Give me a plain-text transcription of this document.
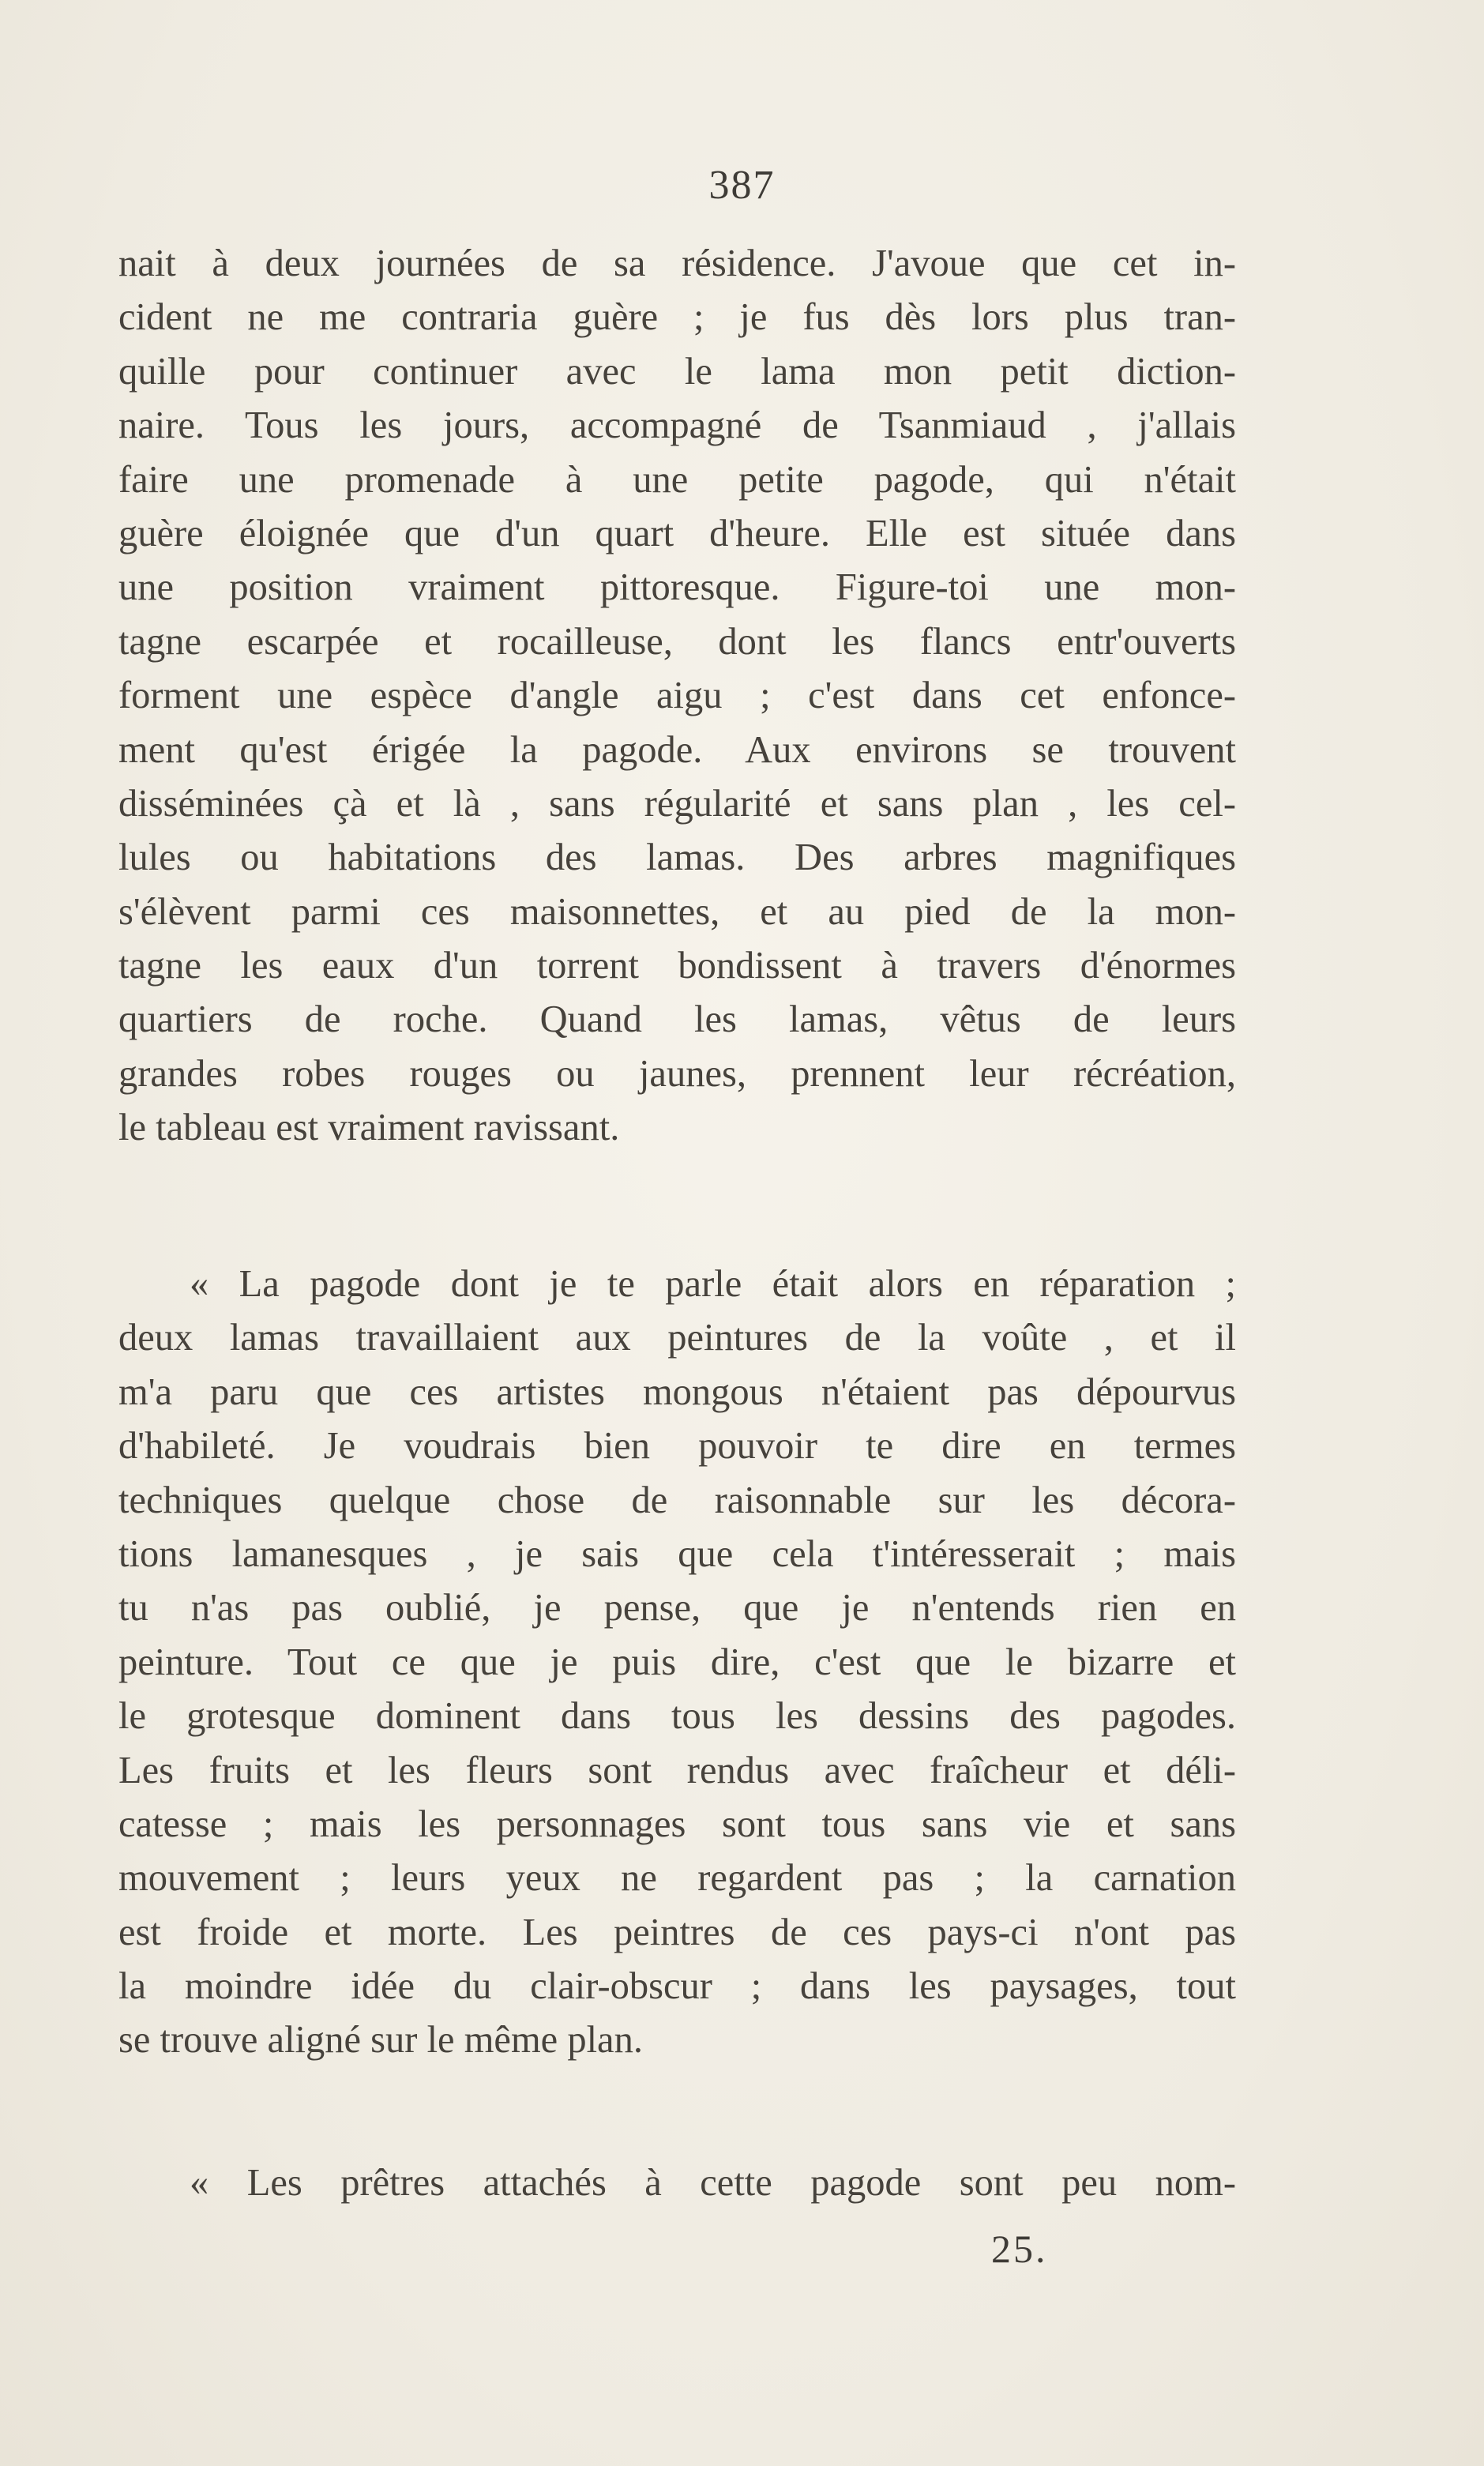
387
nait à deux journées de sa résidence. J'avoue que cet in-
cident ne me contraria guère ; je fus dès lors plus tran-
quille pour continuer avec le lama mon petit diction-
naire. Tous les jours, accompagné de Tsanmiaud , j'allais
faire une promenade à une petite pagode, qui n'était
guère éloignée que d'un quart d'heure. Elle est située dans
une position vraiment pittoresque. Figure-toi une mon-
tagne escarpée et rocailleuse, dont les flancs entr'ouverts
forment une espèce d'angle aigu ; c'est dans cet enfonce-
ment qu'est érigée la pagode. Aux environs se trouvent
disséminées çà et là , sans régularité et sans plan , les cel-
lules ou habitations des lamas. Des arbres magnifiques
s'élèvent parmi ces maisonnettes, et au pied de la mon-
tagne les eaux d'un torrent bondissent à travers d'énormes
quartiers de roche. Quand les lamas, vêtus de leurs
grandes robes rouges ou jaunes, prennent leur récréation,
le tableau est vraiment ravissant.
« La pagode dont je te parle était alors en réparation ;
deux lamas travaillaient aux peintures de la voûte , et il
m'a paru que ces artistes mongous n'étaient pas dépourvus
d'habileté. Je voudrais bien pouvoir te dire en termes
techniques quelque chose de raisonnable sur les décora-
tions lamanesques , je sais que cela t'intéresserait ; mais
tu n'as pas oublié, je pense, que je n'entends rien en
peinture. Tout ce que je puis dire, c'est que le bizarre et
le grotesque dominent dans tous les dessins des pagodes.
Les fruits et les fleurs sont rendus avec fraîcheur et déli-
catesse ; mais les personnages sont tous sans vie et sans
mouvement ; leurs yeux ne regardent pas ; la carnation
est froide et morte. Les peintres de ces pays-ci n'ont pas
la moindre idée du clair-obscur ; dans les paysages, tout
se trouve aligné sur le même plan.
« Les prêtres attachés à cette pagode sont peu nom-
25.
